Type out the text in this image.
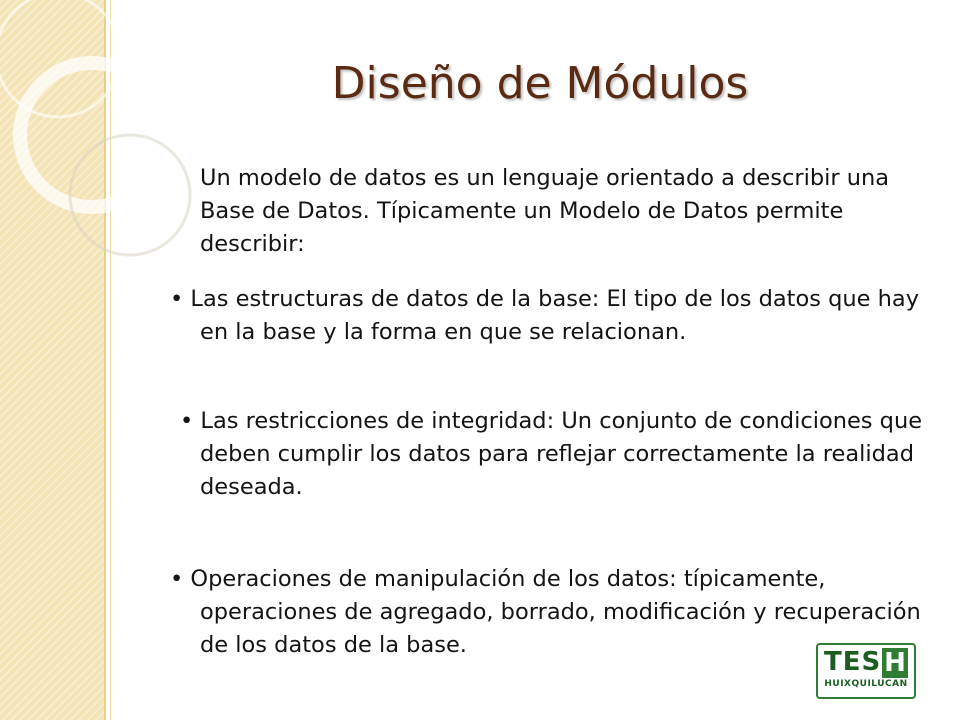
Diseño de Módulos

Un modelo de datos es un lenguaje orientado a describir una Base de Datos. Típicamente un Modelo de Datos permite describir:

• Las estructuras de datos de la base: El tipo de los datos que hay en la base y la forma en que se relacionan.

• Las restricciones de integridad: Un conjunto de condiciones que deben cumplir los datos para reflejar correctamente la realidad deseada.

• Operaciones de manipulación de los datos: típicamente, operaciones de agregado, borrado, modificación y recuperación de los datos de la base.

TES H
HUIXQUILUCAN
